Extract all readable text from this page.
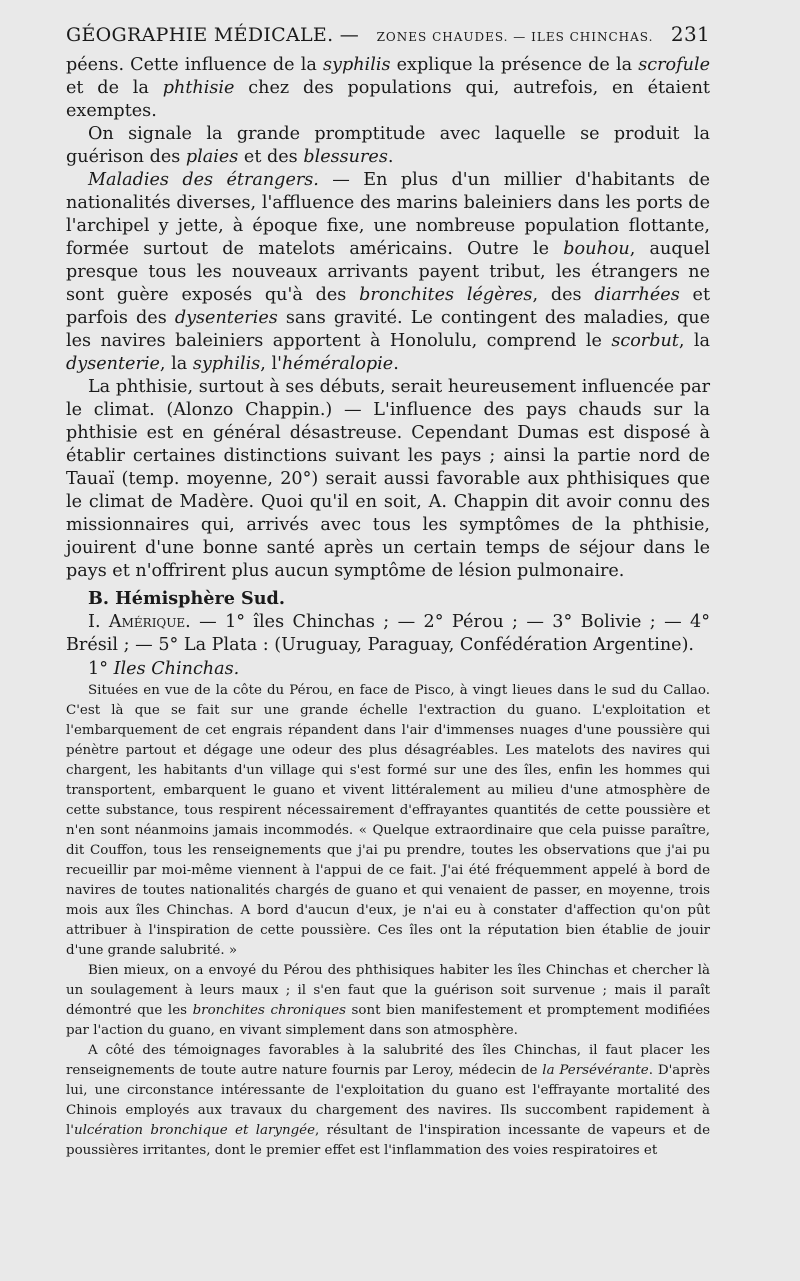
GÉOGRAPHIE MÉDICALE. — ZONES CHAUDES. — ILES CHINCHAS. 231

péens. Cette influence de la syphilis explique la présence de la scrofule et de la phthisie chez des populations qui, autrefois, en étaient exemptes.

On signale la grande promptitude avec laquelle se produit la guérison des plaies et des blessures.

Maladies des étrangers. — En plus d'un millier d'habitants de nationalités diverses, l'affluence des marins baleiniers dans les ports de l'archipel y jette, à époque fixe, une nombreuse population flottante, formée surtout de matelots américains. Outre le bouhou, auquel presque tous les nouveaux arrivants payent tribut, les étrangers ne sont guère exposés qu'à des bronchites légères, des diarrhées et parfois des dysenteries sans gravité. Le contingent des maladies, que les navires baleiniers apportent à Honolulu, comprend le scorbut, la dysenterie, la syphilis, l'héméralopie.

La phthisie, surtout à ses débuts, serait heureusement influencée par le climat. (Alonzo Chappin.) — L'influence des pays chauds sur la phthisie est en général désastreuse. Cependant Dumas est disposé à établir certaines distinctions suivant les pays ; ainsi la partie nord de Tauaï (temp. moyenne, 20°) serait aussi favorable aux phthisiques que le climat de Madère. Quoi qu'il en soit, A. Chappin dit avoir connu des missionnaires qui, arrivés avec tous les symptômes de la phthisie, jouirent d'une bonne santé après un certain temps de séjour dans le pays et n'offrirent plus aucun symptôme de lésion pulmonaire.

B. Hémisphère Sud.

I. Amérique. — 1° îles Chinchas ; — 2° Pérou ; — 3° Bolivie ; — 4° Brésil ; — 5° La Plata : (Uruguay, Paraguay, Confédération Argentine).

1° Iles Chinchas.

Situées en vue de la côte du Pérou, en face de Pisco, à vingt lieues dans le sud du Callao. C'est là que se fait sur une grande échelle l'extraction du guano. L'exploitation et l'embarquement de cet engrais répandent dans l'air d'immenses nuages d'une poussière qui pénètre partout et dégage une odeur des plus désagréables. Les matelots des navires qui chargent, les habitants d'un village qui s'est formé sur une des îles, enfin les hommes qui transportent, embarquent le guano et vivent littéralement au milieu d'une atmosphère de cette substance, tous respirent nécessairement d'effrayantes quantités de cette poussière et n'en sont néanmoins jamais incommodés. « Quelque extraordinaire que cela puisse paraître, dit Couffon, tous les renseignements que j'ai pu prendre, toutes les observations que j'ai pu recueillir par moi-même viennent à l'appui de ce fait. J'ai été fréquemment appelé à bord de navires de toutes nationalités chargés de guano et qui venaient de passer, en moyenne, trois mois aux îles Chinchas. A bord d'aucun d'eux, je n'ai eu à constater d'affection qu'on pût attribuer à l'inspiration de cette poussière. Ces îles ont la réputation bien établie de jouir d'une grande salubrité. »

Bien mieux, on a envoyé du Pérou des phthisiques habiter les îles Chinchas et chercher là un soulagement à leurs maux ; il s'en faut que la guérison soit survenue ; mais il paraît démontré que les bronchites chroniques sont bien manifestement et promptement modifiées par l'action du guano, en vivant simplement dans son atmosphère.

A côté des témoignages favorables à la salubrité des îles Chinchas, il faut placer les renseignements de toute autre nature fournis par Leroy, médecin de la Persévérante. D'après lui, une circonstance intéressante de l'exploitation du guano est l'effrayante mortalité des Chinois employés aux travaux du chargement des navires. Ils succombent rapidement à l'ulcération bronchique et laryngée, résultant de l'inspiration incessante de vapeurs et de poussières irritantes, dont le premier effet est l'inflammation des voies respiratoires et
